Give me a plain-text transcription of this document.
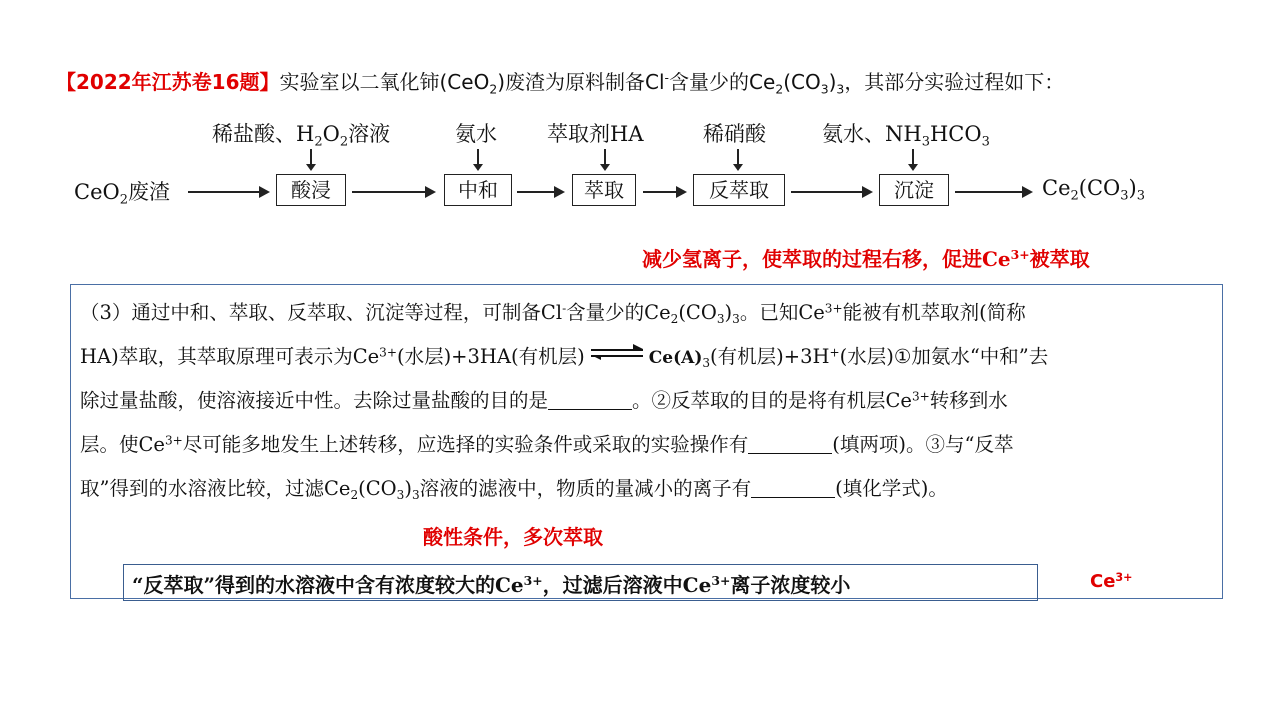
【2022年江苏卷16题】实验室以二氧化铈(CeO$_2$)废渣为原料制备Cl-含量少的$Ce_2(CO_3)_3$，其部分实验过程如下：
稀盐酸、$H_2O_2$溶液	氨水 萃取剂HA	稀硝酸	氨水、$NH_3HCO_3$
CeO$_2$废渣	酸浸	中和	萃取	反萃取	沉淀	$Ce_2(CO_3)_3$
减少氢离子，使萃取的过程右移，促进$Ce^{3+}$被萃取
（3）通过中和、萃取、反萃取、沉淀等过程，可制备Cl-含量少的$Ce_2(CO_3)_3$。已知$Ce^{3+}$能被有机萃取剂(简称
HA)萃取，其萃取原理可表示为$Ce^{3+}$(水层)+3HA(有机层) ⇌ $Ce(A)_3$(有机层)+3H+(水层)①加氨水“中和”去
除过量盐酸，使溶液接近中性。去除过量盐酸的目的是	。②反萃取的目的是将有机层$Ce^{3+}$转移到水
层。使$Ce^{3+}$尽可能多地发生上述转移，应选择的实验条件或采取的实验操作有	(填两项)。③与“反萃
取”得到的水溶液比较，过滤$Ce_2(CO_3)_3$溶液的滤液中，物质的量减小的离子有	(填化学式)。
酸性条件，多次萃取
“反萃取”得到的水溶液中含有浓度较大的$Ce^{3+}$，过滤后溶液中$Ce^{3+}$离子浓度较小	$Ce^{3+}$
